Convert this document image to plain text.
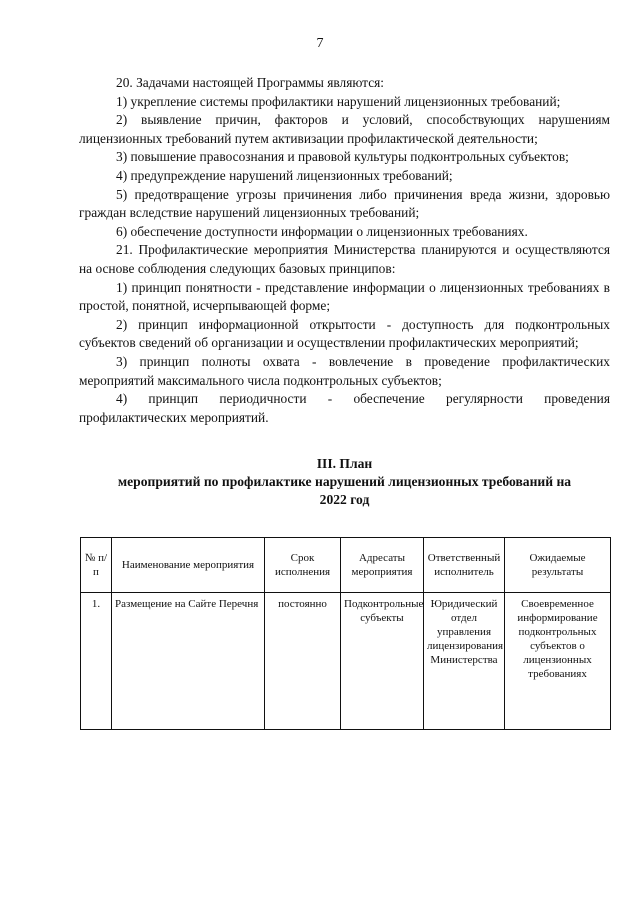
7

20. Задачами настоящей Программы являются:

1) укрепление системы профилактики нарушений лицензионных требований;

2) выявление причин, факторов и условий, способствующих нарушениям лицензионных требований путем активизации профилактической деятельности;

3) повышение правосознания и правовой культуры подконтрольных субъектов;

4) предупреждение нарушений лицензионных требований;

5) предотвращение угрозы причинения либо причинения вреда жизни, здоровью граждан вследствие нарушений лицензионных требований;

6) обеспечение доступности информации о лицензионных требованиях.

21. Профилактические мероприятия Министерства планируются и осуществляются на основе соблюдения следующих базовых принципов:

1) принцип понятности - представление информации о лицензионных требованиях в простой, понятной, исчерпывающей форме;

2) принцип информационной открытости - доступность для подконтрольных субъектов сведений об организации и осуществлении профилактических мероприятий;

3) принцип полноты охвата - вовлечение в проведение профилактических мероприятий максимального числа подконтрольных субъектов;

4) принцип периодичности - обеспечение регулярности проведения профилактических мероприятий.

III. План
мероприятий по профилактике нарушений лицензионных требований на
2022 год
№ п/п	Наименование мероприятия	Срок исполнения	Адресаты мероприятия	Ответственный исполнитель	Ожидаемые результаты
1.	Размещение на Сайте Перечня	постоянно	Подконтрольные субъекты	Юридический отдел управления лицензирования Министерства	Своевременное информирование подконтрольных субъектов о лицензионных требованиях
